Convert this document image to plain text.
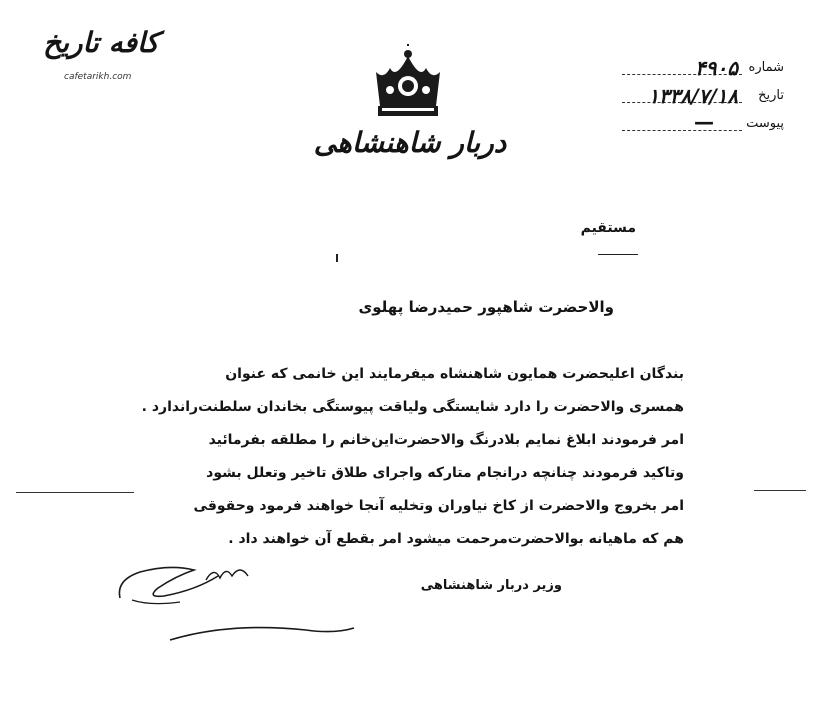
کافه تاریخ
cafetarikh.com
دربار شاهنشاهی
شماره
۴۹۰۵
تاریخ
۱۳۳۸/۷/۱۸
پیوست
—
مستقیم
والاحضرت شاهپور حمیدرضا پهلوی
بندگان اعلیحضرت همایون شاهنشاه میفرمایند این خانمی که عنوان
همسری والاحضرت را دارد شایستگی ولیاقت پیوستگی بخاندان سلطنت‌راندارد .
امر فرمودند ابلاغ نمایم بلادرنگ والاحضرت‌این‌خانم را مطلقه بفرمائید
وتاکید فرمودند چنانچه درانجام متارکه واجرای طلاق تاخیر وتعلل بشود
امر بخروج والاحضرت از کاخ نیاوران وتخلیه آنجا خواهند فرمود وحقوقی
هم که ماهیانه بوالاحضرت‌مرحمت میشود امر بقطع آن خواهند داد .
وزیر دربار شاهنشاهی
